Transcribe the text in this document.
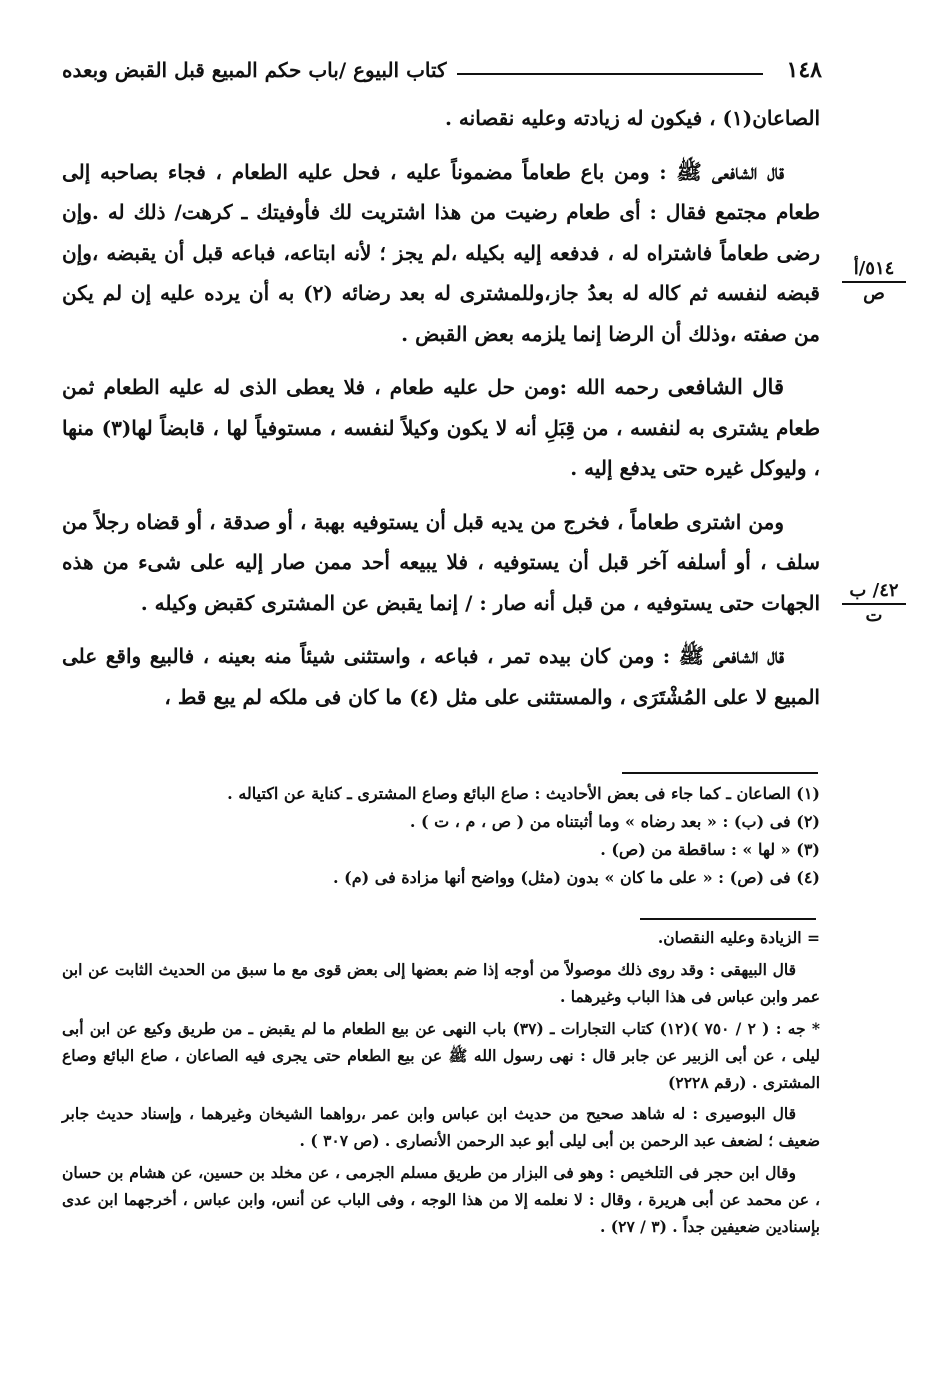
١٤٨
كتاب البيوع /باب حكم المبيع قبل القبض وبعده
٥١٤/أ
ص
٤٢/ ب
ت

الصاعان(١) ، فيكون له زيادته وعليه نقصانه .

قال الشافعى ﷺ : ومن باع طعاماً مضموناً عليه ، فحل عليه الطعام ، فجاء بصاحبه إلى طعام مجتمع فقال : أى طعام رضيت من هذا اشتريت لك فأوفيتك ـ كرهت/ ذلك له .وإن رضى طعاماً فاشتراه له ، فدفعه إليه بكيله ،لم يجز ؛ لأنه ابتاعه، فباعه قبل أن يقبضه ،وإن قبضه لنفسه ثم كاله له بعدُ جاز،وللمشترى له بعد رضائه (٢) به أن يرده عليه إن لم يكن من صفته ،وذلك أن الرضا إنما يلزمه بعض القبض .

قال الشافعى رحمه الله :ومن حل عليه طعام ، فلا يعطى الذى له عليه الطعام ثمن طعام يشترى به لنفسه ، من قِبَلِ أنه لا يكون وكيلاً لنفسه ، مستوفياً لها ، قابضاً لها(٣) منها ، وليوكل غيره حتى يدفع إليه .

ومن اشترى طعاماً ، فخرج من يديه قبل أن يستوفيه بهبة ، أو صدقة ، أو قضاه رجلاً من سلف ، أو أسلفه آخر قبل أن يستوفيه ، فلا يبيعه أحد ممن صار إليه على شىء من هذه الجهات حتى يستوفيه ، من قبل أنه صار : / إنما يقبض عن المشترى كقبض وكيله .

قال الشافعى ﷺ : ومن كان بيده تمر ، فباعه ، واستثنى شيئاً منه بعينه ، فالبيع واقع على المبيع لا على المُشْتَرَى ، والمستثنى على مثل (٤) ما كان فى ملكه لم يبع قط ،

(١) الصاعان ـ كما جاء فى بعض الأحاديث : صاع البائع وصاع المشترى ـ كناية عن اكتياله .
(٢) فى (ب) : « بعد رضاه » وما أثبتناه من ( ص ، م ، ت ) .
(٣) « لها » : ساقطة من (ص) .
(٤) فى (ص) : « على ما كان » بدون (مثل) وواضح أنها مزادة فى (م) .

= الزيادة وعليه النقصان.

قال البيهقى : وقد روى ذلك موصولاً من أوجه إذا ضم بعضها إلى بعض قوى مع ما سبق من الحديث الثابت عن ابن عمر وابن عباس فى هذا الباب وغيرهما .

* جه : ( ٢ / ٧٥٠ )(١٢) كتاب التجارات ـ (٣٧) باب النهى عن بيع الطعام ما لم يقبض ـ من طريق وكيع عن ابن أبى ليلى ، عن أبى الزبير عن جابر قال : نهى رسول الله ﷺ عن بيع الطعام حتى يجرى فيه الصاعان ، صاع البائع وصاع المشترى . (رقم ٢٢٢٨)

قال البوصيرى : له شاهد صحيح من حديث ابن عباس وابن عمر ،رواهما الشيخان وغيرهما ، وإسناد حديث جابر ضعيف ؛ لضعف عبد الرحمن بن أبى ليلى أبو عبد الرحمن الأنصارى . (ص ٣٠٧ ) .

وقال ابن حجر فى التلخيص : وهو فى البزار من طريق مسلم الجرمى ، عن مخلد بن حسين، عن هشام بن حسان ، عن محمد عن أبى هريرة ، وقال : لا نعلمه إلا من هذا الوجه ، وفى الباب عن أنس، وابن عباس ، أخرجهما ابن عدى بإسنادين ضعيفين جداً . (٣ / ٢٧) .
